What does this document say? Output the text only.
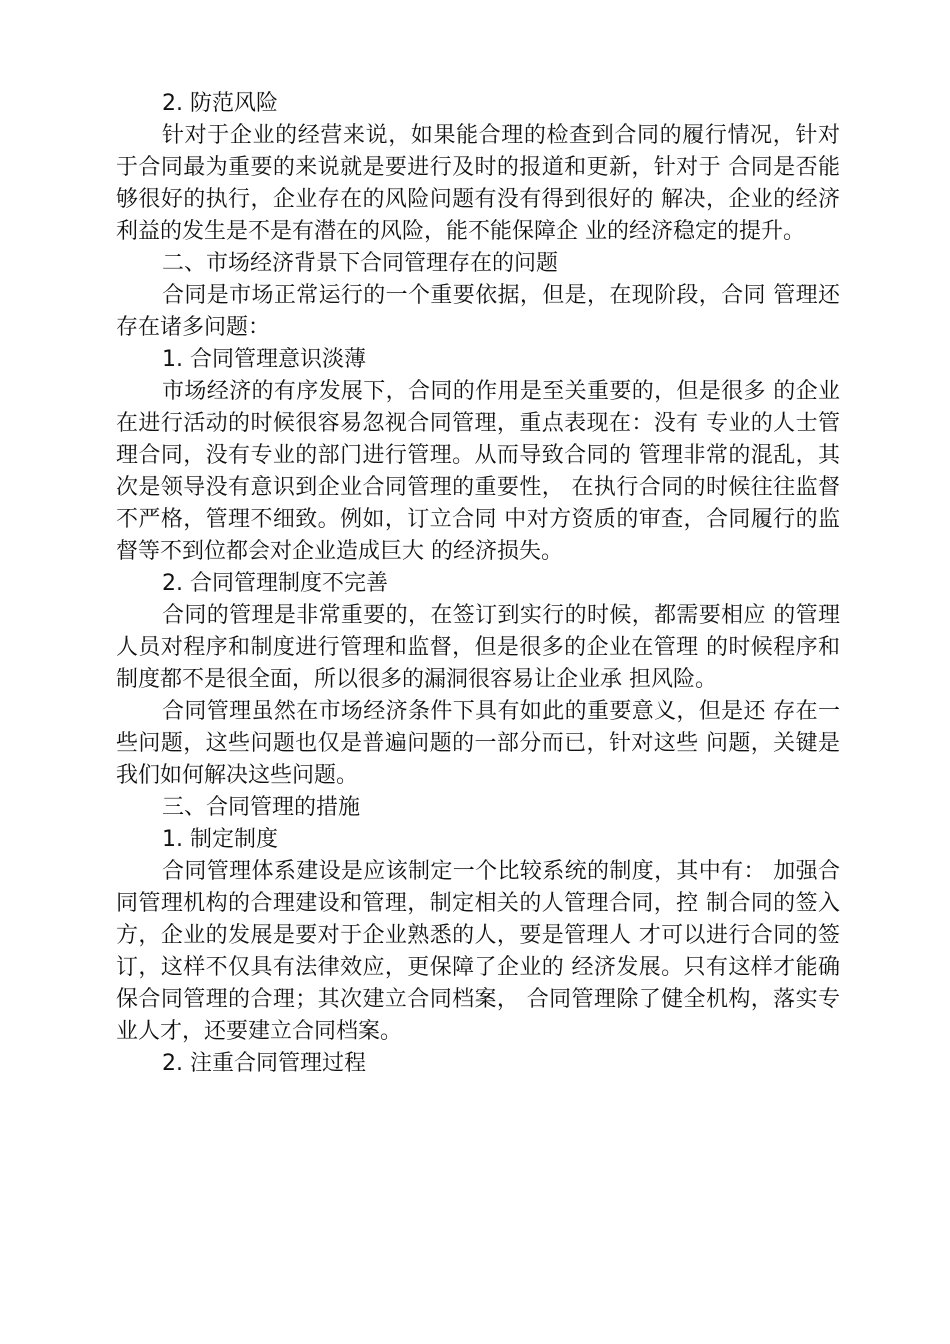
2. 防范风险

针对于企业的经营来说，如果能合理的检查到合同的履行情况，针对于合同最为重要的来说就是要进行及时的报道和更新，针对于 合同是否能够很好的执行，企业存在的风险问题有没有得到很好的 解决，企业的经济利益的发生是不是有潜在的风险，能不能保障企 业的经济稳定的提升。

二、市场经济背景下合同管理存在的问题

合同是市场正常运行的一个重要依据，但是，在现阶段，合同 管理还存在诸多问题：

1. 合同管理意识淡薄

市场经济的有序发展下，合同的作用是至关重要的，但是很多 的企业在进行活动的时候很容易忽视合同管理，重点表现在：没有 专业的人士管理合同，没有专业的部门进行管理。从而导致合同的 管理非常的混乱，其次是领导没有意识到企业合同管理的重要性， 在执行合同的时候往往监督不严格，管理不细致。例如，订立合同 中对方资质的审查，合同履行的监督等不到位都会对企业造成巨大 的经济损失。

2. 合同管理制度不完善

合同的管理是非常重要的，在签订到实行的时候，都需要相应 的管理人员对程序和制度进行管理和监督，但是很多的企业在管理 的时候程序和制度都不是很全面，所以很多的漏洞很容易让企业承 担风险。

合同管理虽然在市场经济条件下具有如此的重要意义，但是还 存在一些问题，这些问题也仅是普遍问题的一部分而已，针对这些 问题，关键是我们如何解决这些问题。

三、合同管理的措施

1. 制定制度

合同管理体系建设是应该制定一个比较系统的制度，其中有： 加强合同管理机构的合理建设和管理，制定相关的人管理合同，控 制合同的签入方，企业的发展是要对于企业熟悉的人，要是管理人 才可以进行合同的签订，这样不仅具有法律效应，更保障了企业的 经济发展。只有这样才能确保合同管理的合理；其次建立合同档案， 合同管理除了健全机构，落实专业人才，还要建立合同档案。

2. 注重合同管理过程
